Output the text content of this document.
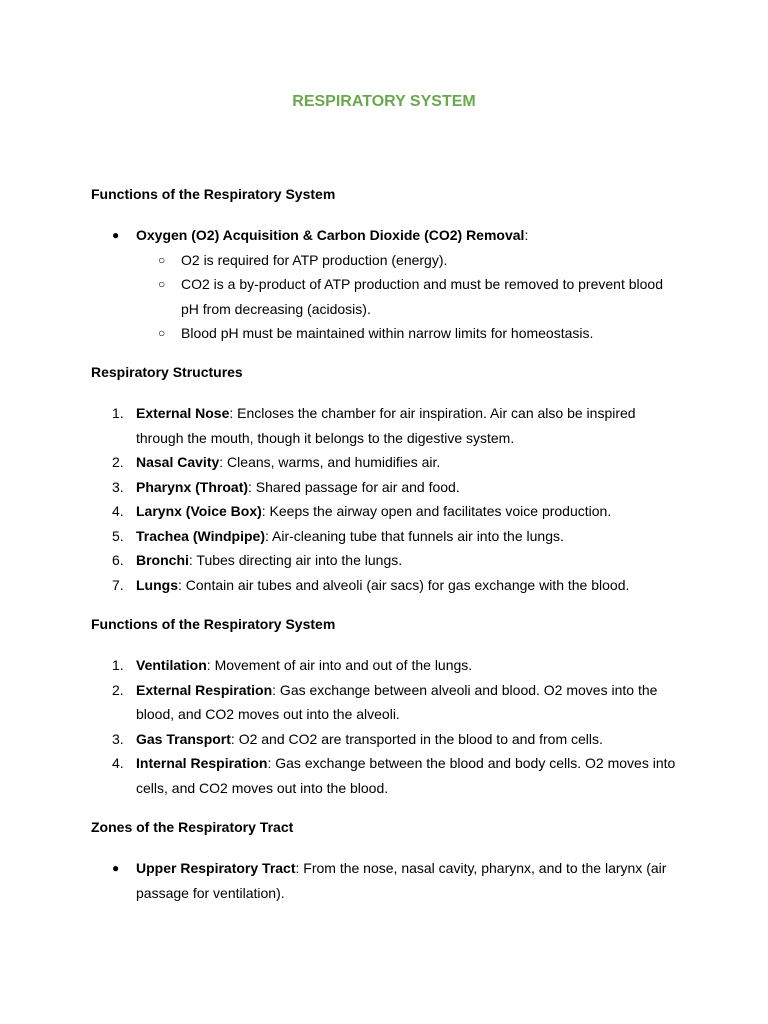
RESPIRATORY SYSTEM
Functions of the Respiratory System
●	Oxygen (O2) Acquisition & Carbon Dioxide (CO2) Removal:
○ O2 is required for ATP production (energy).
○ CO2 is a by-product of ATP production and must be removed to prevent blood pH from decreasing (acidosis).
○ Blood pH must be maintained within narrow limits for homeostasis.
Respiratory Structures
1. External Nose: Encloses the chamber for air inspiration. Air can also be inspired through the mouth, though it belongs to the digestive system.
2. Nasal Cavity: Cleans, warms, and humidifies air.
3. Pharynx (Throat): Shared passage for air and food.
4. Larynx (Voice Box): Keeps the airway open and facilitates voice production.
5. Trachea (Windpipe): Air-cleaning tube that funnels air into the lungs.
6. Bronchi: Tubes directing air into the lungs.
7. Lungs: Contain air tubes and alveoli (air sacs) for gas exchange with the blood.
Functions of the Respiratory System
1. Ventilation: Movement of air into and out of the lungs.
2. External Respiration: Gas exchange between alveoli and blood. O2 moves into the blood, and CO2 moves out into the alveoli.
3. Gas Transport: O2 and CO2 are transported in the blood to and from cells.
4. Internal Respiration: Gas exchange between the blood and body cells. O2 moves into cells, and CO2 moves out into the blood.
Zones of the Respiratory Tract
●	Upper Respiratory Tract: From the nose, nasal cavity, pharynx, and to the larynx (air passage for ventilation).
